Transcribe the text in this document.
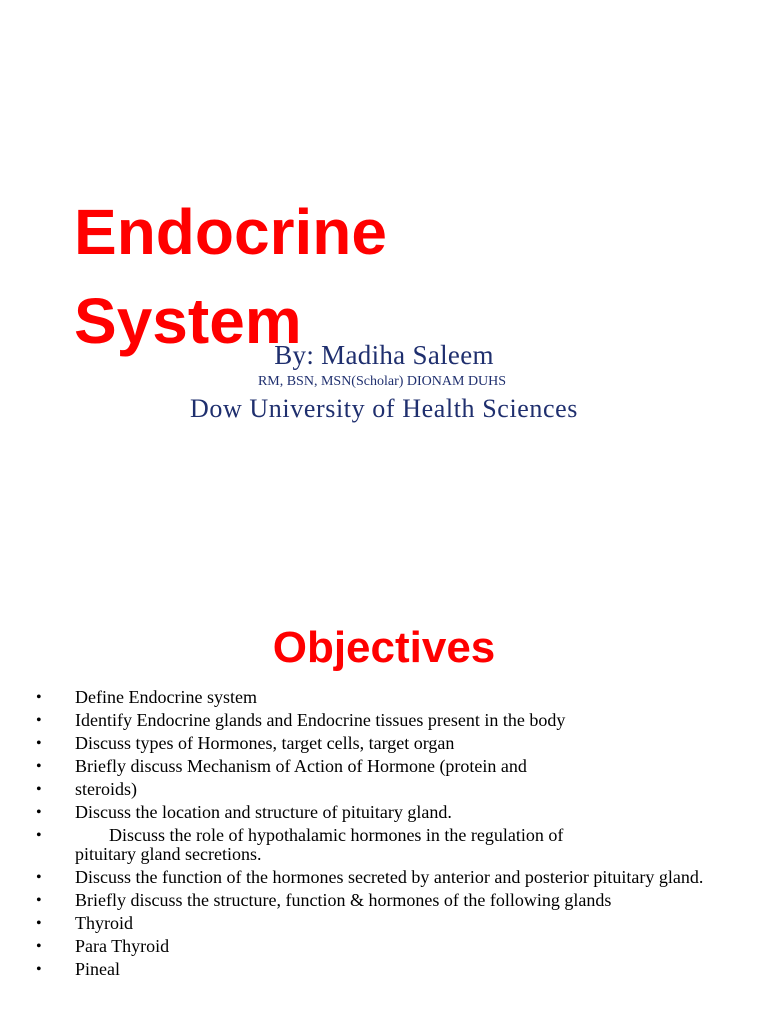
Endocrine
System

By: Madiha Saleem

RM, BSN, MSN(Scholar) DIONAM DUHS

Dow University of Health Sciences

Objectives
• Define Endocrine system
• Identify Endocrine glands and Endocrine tissues present in the body
• Discuss types of Hormones, target cells, target organ
• Briefly discuss Mechanism of Action of Hormone (protein and
• steroids)
• Discuss the location and structure of pituitary gland.
•	Discuss the role of hypothalamic hormones in the regulation of
pituitary gland secretions.
• Discuss the function of the hormones secreted by anterior and posterior pituitary gland.
• Briefly discuss the structure, function & hormones of the following glands
• Thyroid
• Para Thyroid
• Pineal
